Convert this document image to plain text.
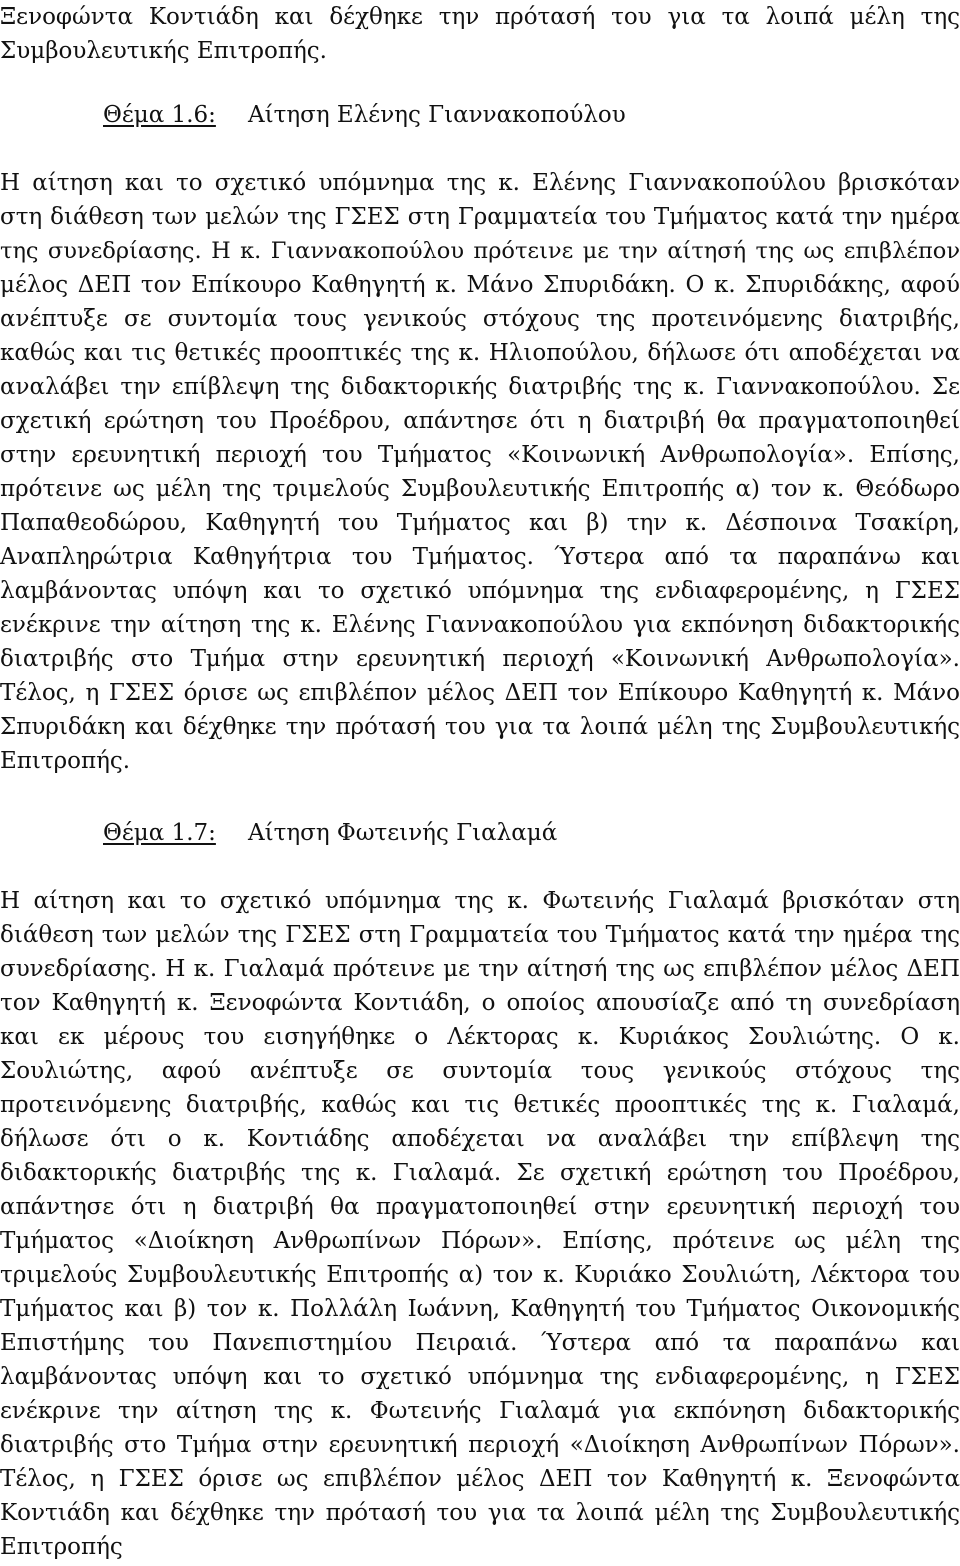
Ξενοφώντα Κοντιάδη και δέχθηκε την πρότασή του για τα λοιπά μέλη της
Συμβουλευτικής Επιτροπής.
Θέμα 1.6: Αίτηση Ελένης Γιαννακοπούλου
Η αίτηση και το σχετικό υπόμνημα της κ. Ελένης Γιαννακοπούλου βρισκόταν
στη διάθεση των μελών της ΓΣΕΣ στη Γραμματεία του Τμήματος κατά την ημέρα
της συνεδρίασης. Η κ. Γιαννακοπούλου πρότεινε με την αίτησή της ως επιβλέπον
μέλος ΔΕΠ τον Επίκουρο Καθηγητή κ. Μάνο Σπυριδάκη. Ο κ. Σπυριδάκης, αφού
ανέπτυξε σε συντομία τους γενικούς στόχους της προτεινόμενης διατριβής,
καθώς και τις θετικές προοπτικές της κ. Ηλιοπούλου, δήλωσε ότι αποδέχεται να
αναλάβει την επίβλεψη της διδακτορικής διατριβής της κ. Γιαννακοπούλου. Σε
σχετική ερώτηση του Προέδρου, απάντησε ότι η διατριβή θα πραγματοποιηθεί
στην ερευνητική περιοχή του Τμήματος «Κοινωνική Ανθρωπολογία». Επίσης,
πρότεινε ως μέλη της τριμελούς Συμβουλευτικής Επιτροπής α) τον κ. Θεόδωρο
Παπαθεοδώρου, Καθηγητή του Τμήματος και β) την κ. Δέσποινα Τσακίρη,
Αναπληρώτρια Καθηγήτρια του Τμήματος. Ύστερα από τα παραπάνω και
λαμβάνοντας υπόψη και το σχετικό υπόμνημα της ενδιαφερομένης, η ΓΣΕΣ
ενέκρινε την αίτηση της κ. Ελένης Γιαννακοπούλου για εκπόνηση διδακτορικής
διατριβής στο Τμήμα στην ερευνητική περιοχή «Κοινωνική Ανθρωπολογία».
Τέλος, η ΓΣΕΣ όρισε ως επιβλέπον μέλος ΔΕΠ τον Επίκουρο Καθηγητή κ. Μάνο
Σπυριδάκη και δέχθηκε την πρότασή του για τα λοιπά μέλη της Συμβουλευτικής
Επιτροπής.
Θέμα 1.7: Αίτηση Φωτεινής Γιαλαμά
Η αίτηση και το σχετικό υπόμνημα της κ. Φωτεινής Γιαλαμά βρισκόταν στη
διάθεση των μελών της ΓΣΕΣ στη Γραμματεία του Τμήματος κατά την ημέρα της
συνεδρίασης. Η κ. Γιαλαμά πρότεινε με την αίτησή της ως επιβλέπον μέλος ΔΕΠ
τον Καθηγητή κ. Ξενοφώντα Κοντιάδη, ο οποίος απουσίαζε από τη συνεδρίαση
και εκ μέρους του εισηγήθηκε ο Λέκτορας κ. Κυριάκος Σουλιώτης. Ο κ.
Σουλιώτης, αφού ανέπτυξε σε συντομία τους γενικούς στόχους της
προτεινόμενης διατριβής, καθώς και τις θετικές προοπτικές της κ. Γιαλαμά,
δήλωσε ότι ο κ. Κοντιάδης αποδέχεται να αναλάβει την επίβλεψη της
διδακτορικής διατριβής της κ. Γιαλαμά. Σε σχετική ερώτηση του Προέδρου,
απάντησε ότι η διατριβή θα πραγματοποιηθεί στην ερευνητική περιοχή του
Τμήματος «Διοίκηση Ανθρωπίνων Πόρων». Επίσης, πρότεινε ως μέλη της
τριμελούς Συμβουλευτικής Επιτροπής α) τον κ. Κυριάκο Σουλιώτη, Λέκτορα του
Τμήματος και β) τον κ. Πολλάλη Ιωάννη, Καθηγητή του Τμήματος Οικονομικής
Επιστήμης του Πανεπιστημίου Πειραιά. Ύστερα από τα παραπάνω και
λαμβάνοντας υπόψη και το σχετικό υπόμνημα της ενδιαφερομένης, η ΓΣΕΣ
ενέκρινε την αίτηση της κ. Φωτεινής Γιαλαμά για εκπόνηση διδακτορικής
διατριβής στο Τμήμα στην ερευνητική περιοχή «Διοίκηση Ανθρωπίνων Πόρων».
Τέλος, η ΓΣΕΣ όρισε ως επιβλέπον μέλος ΔΕΠ τον Καθηγητή κ. Ξενοφώντα
Κοντιάδη και δέχθηκε την πρότασή του για τα λοιπά μέλη της Συμβουλευτικής
Επιτροπής
